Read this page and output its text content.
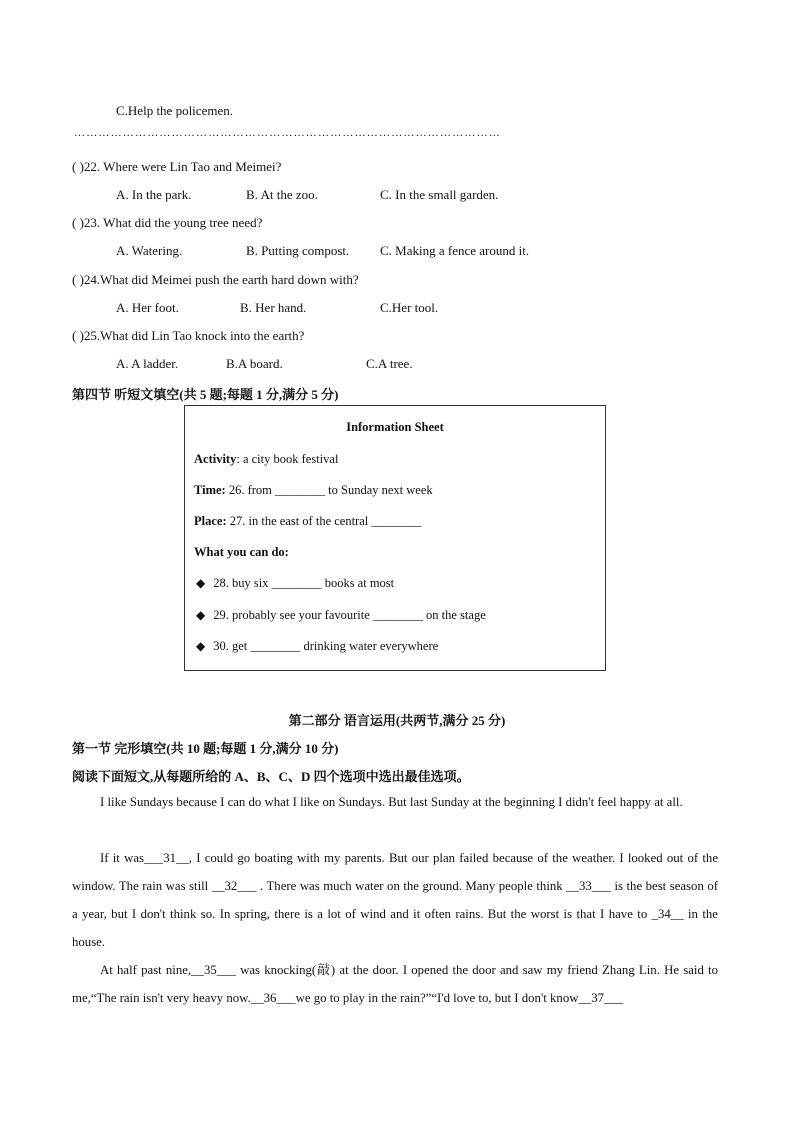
C.Help the policemen.
……………………………………………………………………………………………
( )22. Where were Lin Tao and Meimei?
A. In the park.	B. At the zoo.	C. In the small garden.
( )23. What did the young tree need?
A. Watering.	B. Putting compost. C. Making a fence around it.
( )24.What did Meimei push the earth hard down with?
A. Her foot.	B. Her hand.	C.Her tool.
( )25.What did Lin Tao knock into the earth?
A. A ladder.	B.A board.	C.A tree.
第四节 听短文填空(共 5 题;每题 1 分,满分 5 分)
Information Sheet
Activity: a city book festival
Time: 26. from ________ to Sunday next week
Place: 27. in the east of the central ________
What you can do:
◆ 28. buy six ________ books at most
◆ 29. probably see your favourite ________ on the stage
◆ 30. get ________ drinking water everywhere
第二部分 语言运用(共两节,满分 25 分)
第一节 完形填空(共 10 题;每题 1 分,满分 10 分)
阅读下面短文,从每题所给的 A、B、C、D 四个选项中选出最佳选项。
I like Sundays because I can do what I like on Sundays. But last Sunday at the beginning I didn't feel happy at all.
If it was___31__, I could go boating with my parents. But our plan failed because of the weather. I looked out of the window. The rain was still __32___ . There was much water on the ground. Many people think __33___ is the best season of a year, but I don't think so. In spring, there is a lot of wind and it often rains. But the worst is that I have to _34__ in the house.
At half past nine,__35___ was knocking(敲) at the door. I opened the door and saw my friend Zhang Lin. He said to me,“The rain isn't very heavy now.__36___we go to play in the rain?”“I'd love to, but I don't know__37___
